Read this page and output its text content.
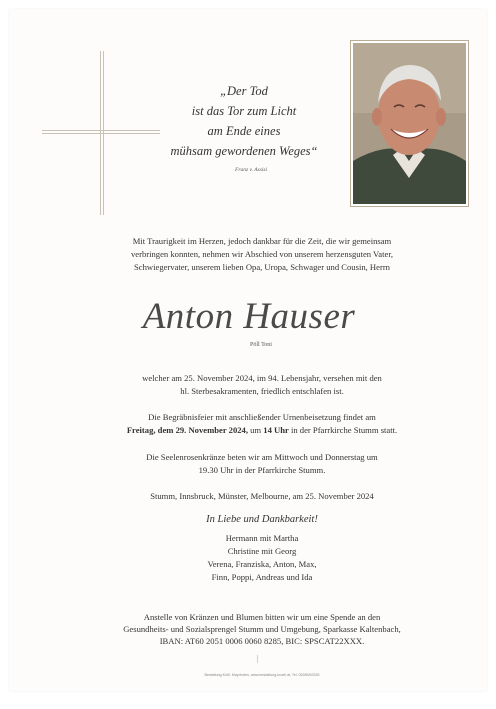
„Der Tod
ist das Tor zum Licht
am Ende eines
mühsam gewordenen Weges“
Franz v. Assisi
Mit Traurigkeit im Herzen, jedoch dankbar für die Zeit, die wir gemeinsam
verbringen konnten, nehmen wir Abschied von unserem herzensguten Vater,
Schwiegervater, unserem lieben Opa, Uropa, Schwager und Cousin, Herrn
Anton Hauser
Pöll Toni
welcher am 25. November 2024, im 94. Lebensjahr, versehen mit den
hl. Sterbesakramenten, friedlich entschlafen ist.
Die Begräbnisfeier mit anschließender Urnenbeisetzung findet am
Freitag, dem 29. November 2024, um 14 Uhr in der Pfarrkirche Stumm statt.
Die Seelenrosenkränze beten wir am Mittwoch und Donnerstag um
19.30 Uhr in der Pfarrkirche Stumm.
Stumm, Innsbruck, Münster, Melbourne, am 25. November 2024
In Liebe und Dankbarkeit!
Hermann mit Martha
Christine mit Georg
Verena, Franziska, Anton, Max,
Finn, Poppi, Andreas und Ida
Anstelle von Kränzen und Blumen bitten wir um eine Spende an den
Gesundheits- und Sozialsprengel Stumm und Umgebung, Sparkasse Kaltenbach,
IBAN: AT60 2051 0006 0060 8285, BIC: SPSCAT22XXX.
Bestattung Kröll, Mayrhofen, www.bestattung-kroell.at, Tel. 05285/62535
